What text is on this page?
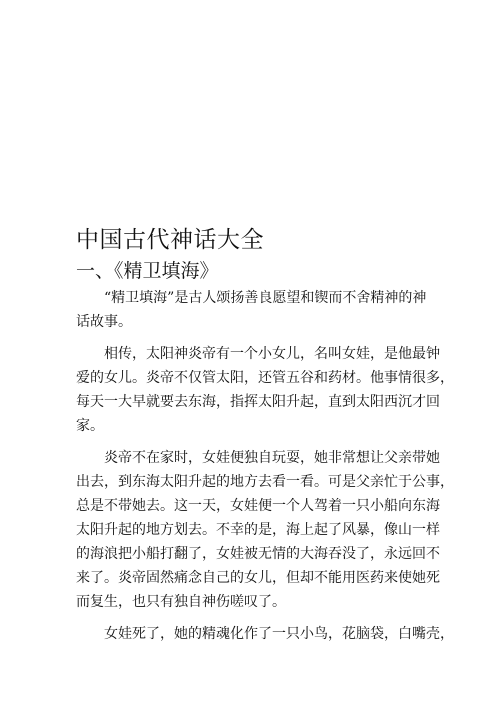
中国古代神话大全
一、《精卫填海》

“精卫填海”是古人颂扬善良愿望和锲而不舍精神的神
话故事。

相传，太阳神炎帝有一个小女儿，名叫女娃，是他最钟
爱的女儿。炎帝不仅管太阳，还管五谷和药材。他事情很多，
每天一大早就要去东海，指挥太阳升起，直到太阳西沉才回
家。

炎帝不在家时，女娃便独自玩耍，她非常想让父亲带她
出去，到东海太阳升起的地方去看一看。可是父亲忙于公事，
总是不带她去。这一天，女娃便一个人驾着一只小船向东海
太阳升起的地方划去。不幸的是，海上起了风暴，像山一样
的海浪把小船打翻了，女娃被无情的大海吞没了，永远回不
来了。炎帝固然痛念自己的女儿，但却不能用医药来使她死
而复生，也只有独自神伤嗟叹了。

女娃死了，她的精魂化作了一只小鸟，花脑袋，白嘴壳，
